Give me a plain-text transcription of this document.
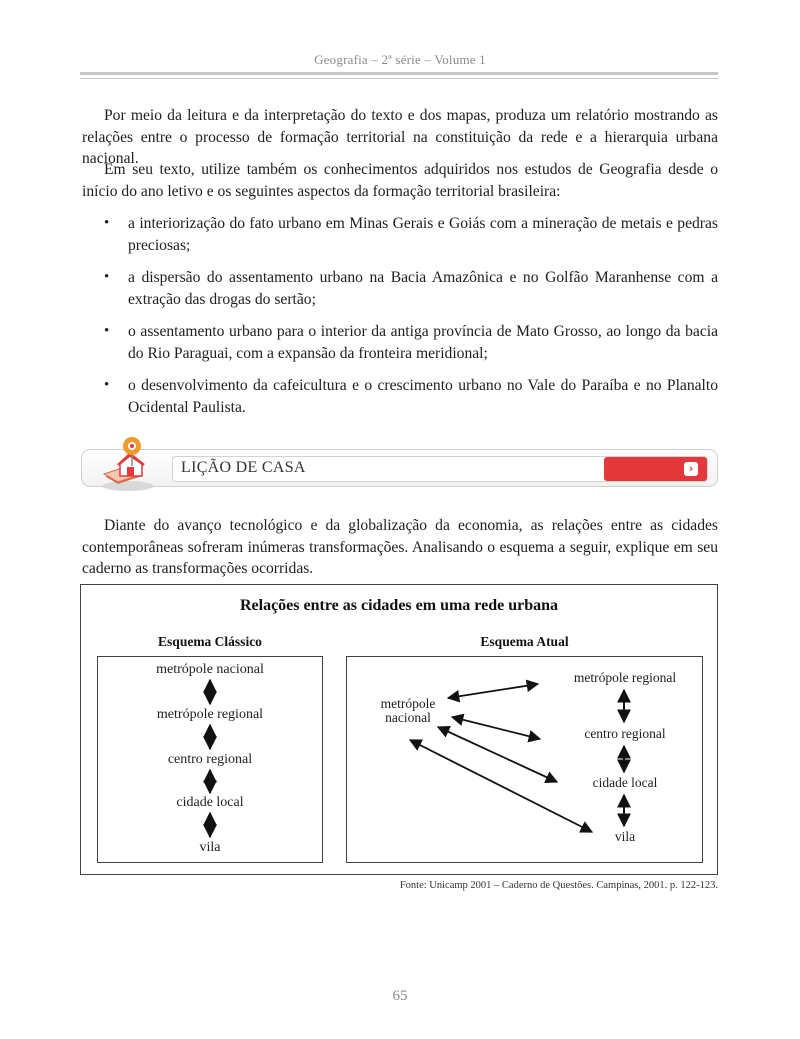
Geografia – 2ª série – Volume 1

Por meio da leitura e da interpretação do texto e dos mapas, produza um relatório mostrando as relações entre o processo de formação territorial na constituição da rede e a hierarquia urbana nacional.

Em seu texto, utilize também os conhecimentos adquiridos nos estudos de Geografia desde o início do ano letivo e os seguintes aspectos da formação territorial brasileira:

• a interiorização do fato urbano em Minas Gerais e Goiás com a mineração de metais e pedras preciosas;
• a dispersão do assentamento urbano na Bacia Amazônica e no Golfão Maranhense com a extração das drogas do sertão;
• o assentamento urbano para o interior da antiga província de Mato Grosso, ao longo da bacia do Rio Paraguai, com a expansão da fronteira meridional;
• o desenvolvimento da cafeicultura e o crescimento urbano no Vale do Paraíba e no Planalto Ocidental Paulista.
LIÇÃO DE CASA	›

Diante do avanço tecnológico e da globalização da economia, as relações entre as cidades contemporâneas sofreram inúmeras transformações. Analisando o esquema a seguir, explique em seu caderno as transformações ocorridas.

Relações entre as cidades em uma rede urbana
Esquema Clássico	Esquema Atual
metrópole nacional
metrópole regional
centro regional
cidade local
vila
metrópole
nacional
metrópole regional
centro regional
cidade local
vila
Fonte: Unicamp 2001 – Caderno de Questões. Campinas, 2001. p. 122-123.
65
